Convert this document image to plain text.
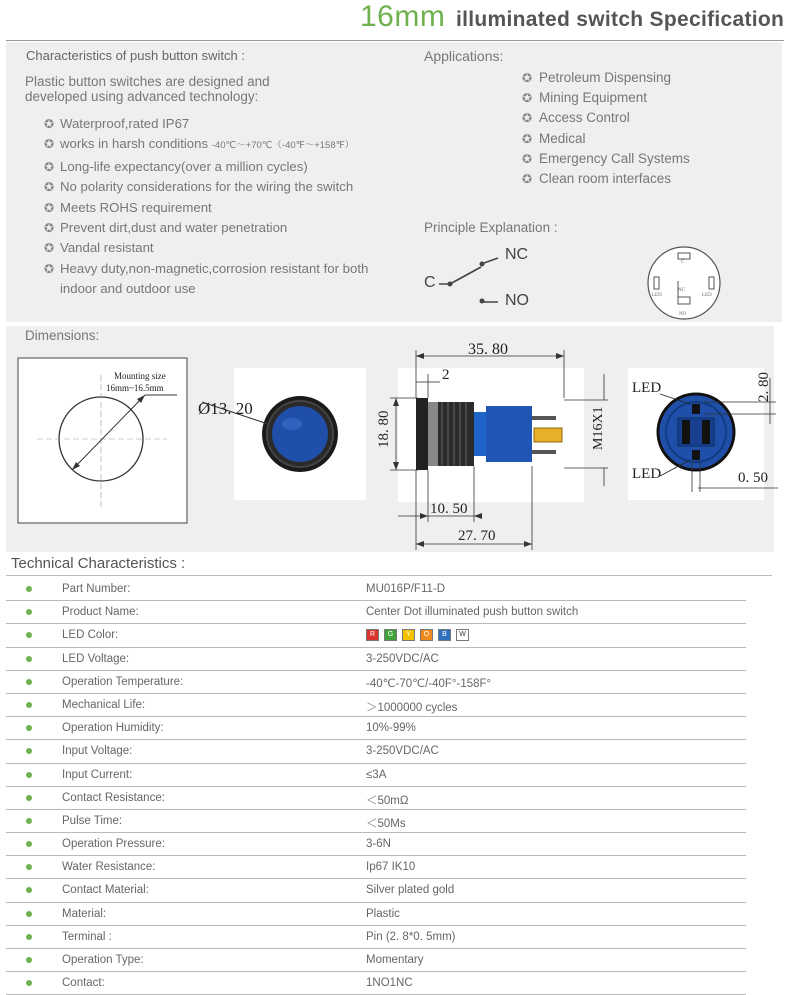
16mm illuminated switch Specification
Characteristics of push button switch :
Plastic button switches are designed and developed using advanced technology:
✪ Waterproof,rated IP67
✪ works in harsh conditions -40℃～+70℃（-40℉～+158℉）
✪ Long-life expectancy(over a million cycles)
✪ No polarity considerations for the wiring the switch
✪ Meets ROHS requirement
✪ Prevent dirt,dust and water penetration
✪ Vandal resistant
✪ Heavy duty,non-magnetic,corrosion resistant for both indoor and outdoor use
Applications:
✪ Petroleum Dispensing
✪ Mining Equipment
✪ Access Control
✪ Medical
✪ Emergency Call Systems
✪ Clean room interfaces
Principle Explanation :
NC
C
NO
C
LED	LED
NC
NO
Dimensions:
Mounting size
16mm~16.5mm
Ø13. 20
35. 80
2
18. 80	M16X1
10. 50
27. 70
LED
LED
2. 80
0. 50
Technical Characteristics :
Part Number:	MU016P/F11-D
Product Name:	Center Dot illuminated push button switch
LED Color:	R G Y O B W
LED Voltage:	3-250VDC/AC
Operation Temperature:	-40℃-70℃/-40F°-158F°
Mechanical Life:	＞1000000 cycles
Operation Humidity:	10%-99%
Input Voltage:	3-250VDC/AC
Input Current:	≤3A
Contact Resistance:	＜50mΩ
Pulse Time:	＜50Ms
Operation Pressure:	3-6N
Water Resistance:	Ip67 IK10
Contact Material:	Silver plated gold
Material:	Plastic
Terminal :	Pin (2. 8*0. 5mm)
Operation Type:	Momentary
Contact:	1NO1NC
